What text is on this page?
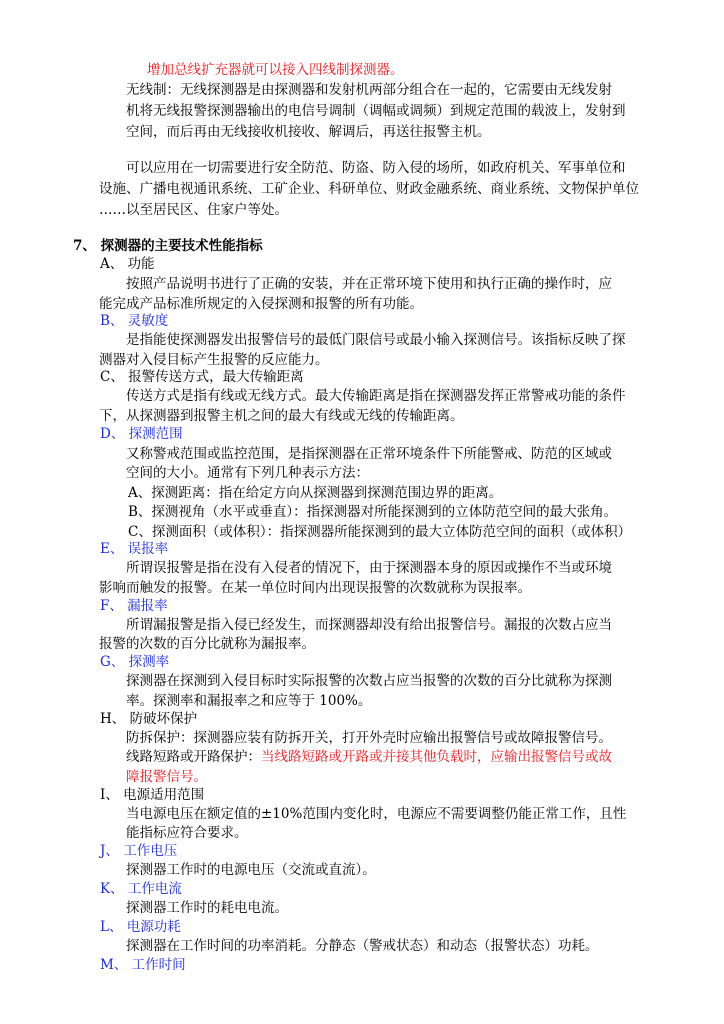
增加总线扩充器就可以接入四线制探测器。
无线制：无线探测器是由探测器和发射机两部分组合在一起的，它需要由无线发射
机将无线报警探测器输出的电信号调制（调幅或调频）到规定范围的载波上，发射到
空间，而后再由无线接收机接收、解调后，再送往报警主机。
可以应用在一切需要进行安全防范、防盗、防入侵的场所，如政府机关、军事单位和
设施、广播电视通讯系统、工矿企业、科研单位、财政金融系统、商业系统、文物保护单位
……以至居民区、住家户等处。
7、 探测器的主要技术性能指标
A、 功能
按照产品说明书进行了正确的安装，并在正常环境下使用和执行正确的操作时，应
能完成产品标准所规定的入侵探测和报警的所有功能。
B、 灵敏度
是指能使探测器发出报警信号的最低门限信号或最小输入探测信号。该指标反映了探
测器对入侵目标产生报警的反应能力。
C、 报警传送方式，最大传输距离
传送方式是指有线或无线方式。最大传输距离是指在探测器发挥正常警戒功能的条件
下，从探测器到报警主机之间的最大有线或无线的传输距离。
D、 探测范围
又称警戒范围或监控范围，是指探测器在正常环境条件下所能警戒、防范的区域或
空间的大小。通常有下列几种表示方法：
A、探测距离：指在给定方向从探测器到探测范围边界的距离。
B、探测视角（水平或垂直）：指探测器对所能探测到的立体防范空间的最大张角。
C、探测面积（或体积）：指探测器所能探测到的最大立体防范空间的面积（或体积）
E、 误报率
所谓误报警是指在没有入侵者的情况下，由于探测器本身的原因或操作不当或环境
影响而触发的报警。在某一单位时间内出现误报警的次数就称为误报率。
F、 漏报率
所谓漏报警是指入侵已经发生，而探测器却没有给出报警信号。漏报的次数占应当
报警的次数的百分比就称为漏报率。
G、 探测率
探测器在探测到入侵目标时实际报警的次数占应当报警的次数的百分比就称为探测
率。探测率和漏报率之和应等于 100%。
H、 防破坏保护
防拆保护：探测器应装有防拆开关，打开外壳时应输出报警信号或故障报警信号。
线路短路或开路保护：当线路短路或开路或并接其他负载时，应输出报警信号或故
障报警信号。
I、 电源适用范围
当电源电压在额定值的±10%范围内变化时，电源应不需要调整仍能正常工作，且性
能指标应符合要求。
J、 工作电压
探测器工作时的电源电压（交流或直流）。
K、 工作电流
探测器工作时的耗电电流。
L、 电源功耗
探测器在工作时间的功率消耗。分静态（警戒状态）和动态（报警状态）功耗。
M、 工作时间
